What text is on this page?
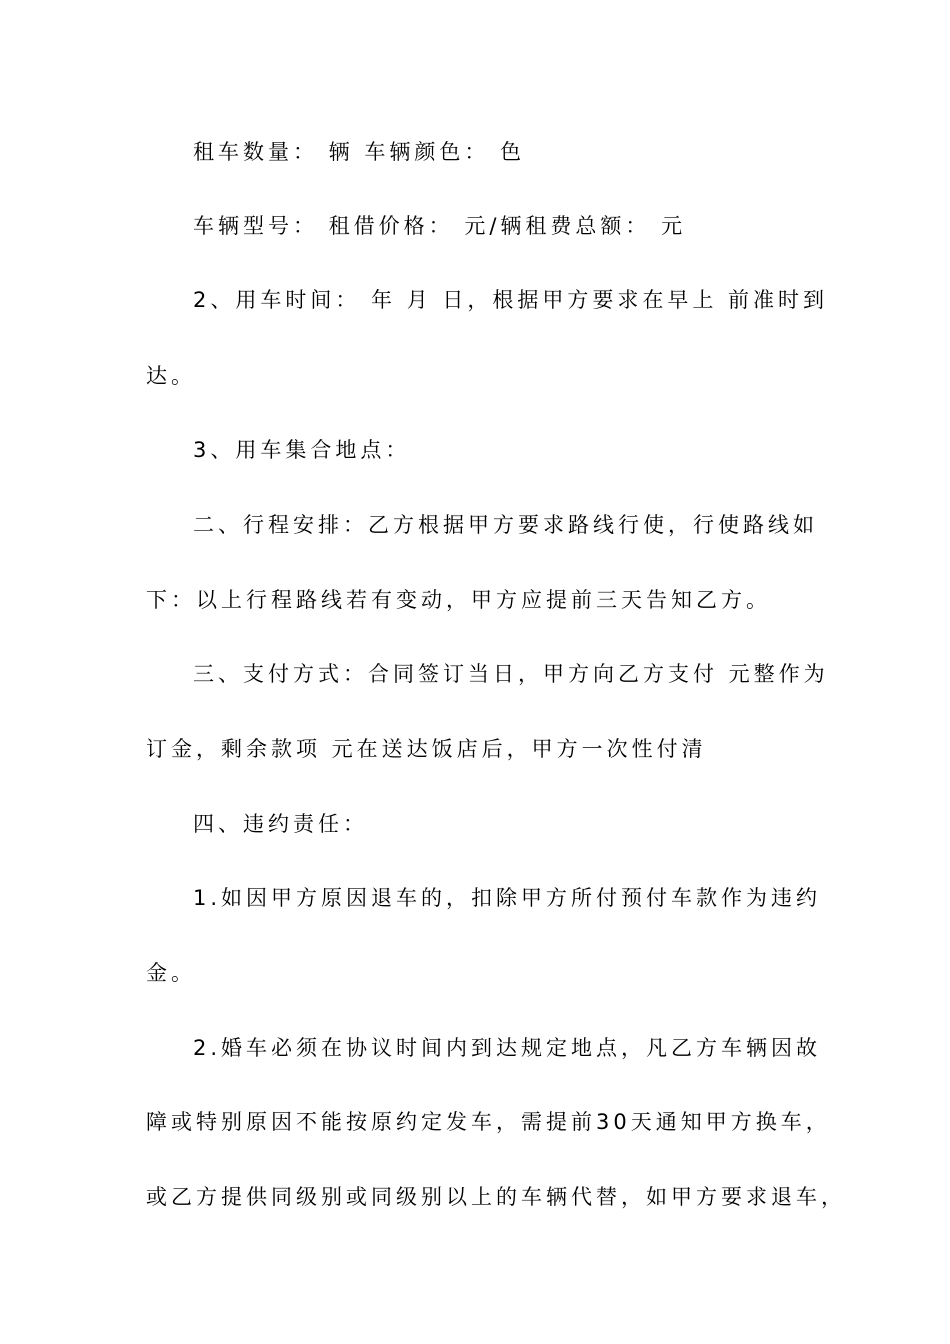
租车数量： 辆 车辆颜色： 色
车辆型号： 租借价格： 元/辆租费总额： 元
2、用车时间： 年 月 日，根据甲方要求在早上 前准时到
达。
3、用车集合地点：
二、行程安排：乙方根据甲方要求路线行使，行使路线如
下：以上行程路线若有变动，甲方应提前三天告知乙方。
三、支付方式：合同签订当日，甲方向乙方支付 元整作为
订金，剩余款项 元在送达饭店后，甲方一次性付清
四、违约责任：
1.如因甲方原因退车的，扣除甲方所付预付车款作为违约
金。
2.婚车必须在协议时间内到达规定地点，凡乙方车辆因故
障或特别原因不能按原约定发车，需提前30天通知甲方换车，
或乙方提供同级别或同级别以上的车辆代替，如甲方要求退车，
